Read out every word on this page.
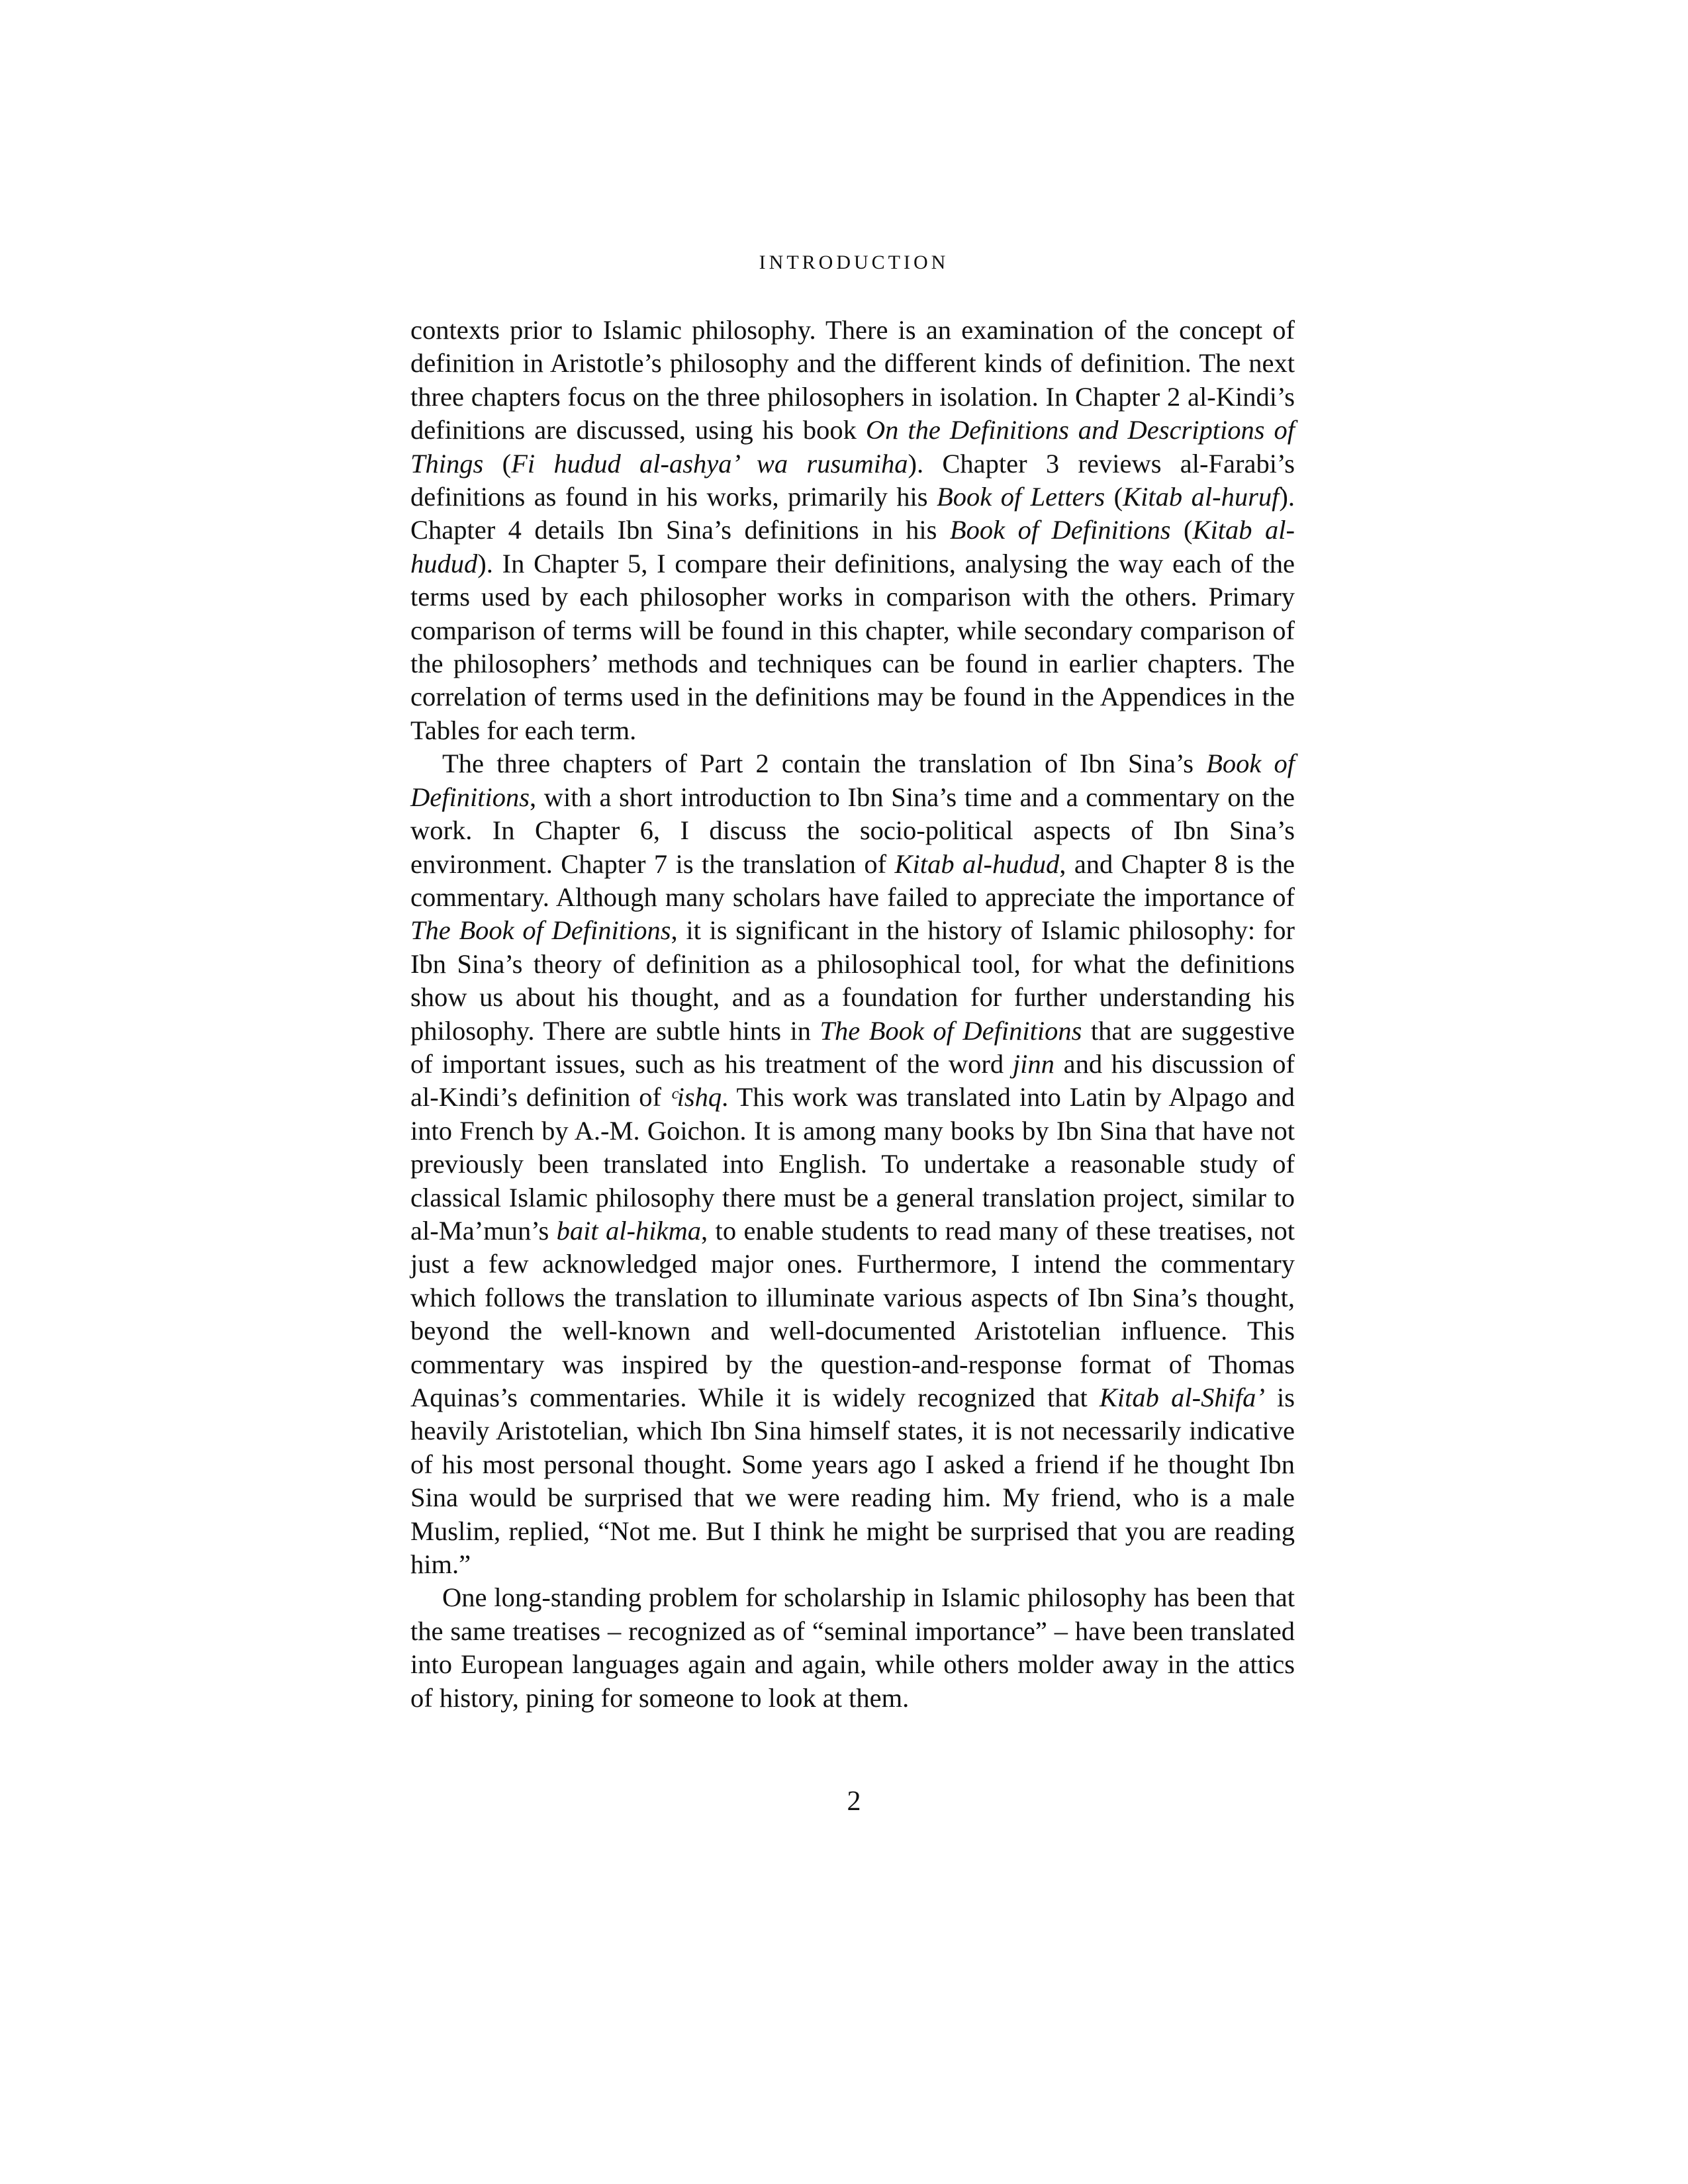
INTRODUCTION

contexts prior to Islamic philosophy. There is an examination of the concept of definition in Aristotle’s philosophy and the different kinds of definition. The next three chapters focus on the three philosophers in isolation. In Chapter 2 al-Kindi’s definitions are discussed, using his book On the Definitions and Descriptions of Things (Fi hudud al-ashya’ wa rusumiha). Chapter 3 reviews al-Farabi’s definitions as found in his works, primarily his Book of Letters (Kitab al-huruf). Chapter 4 details Ibn Sina’s definitions in his Book of Definitions (Kitab al-hudud). In Chapter 5, I compare their definitions, analysing the way each of the terms used by each philosopher works in comparison with the others. Primary comparison of terms will be found in this chapter, while secondary comparison of the philosophers’ methods and techniques can be found in earlier chapters. The correlation of terms used in the definitions may be found in the Appendices in the Tables for each term.

The three chapters of Part 2 contain the translation of Ibn Sina’s Book of Definitions, with a short introduction to Ibn Sina’s time and a commentary on the work. In Chapter 6, I discuss the socio-political aspects of Ibn Sina’s environment. Chapter 7 is the translation of Kitab al-hudud, and Chapter 8 is the commentary. Although many scholars have failed to appreciate the importance of The Book of Definitions, it is significant in the history of Islamic philosophy: for Ibn Sina’s theory of definition as a philosophical tool, for what the definitions show us about his thought, and as a foundation for further understanding his philosophy. There are subtle hints in The Book of Definitions that are suggestive of important issues, such as his treatment of the word jinn and his discussion of al-Kindi’s definition of ᶜishq. This work was translated into Latin by Alpago and into French by A.-M. Goichon. It is among many books by Ibn Sina that have not previously been translated into English. To undertake a reasonable study of classical Islamic philosophy there must be a general translation project, similar to al-Ma’mun’s bait al-hikma, to enable students to read many of these treatises, not just a few acknowledged major ones. Furthermore, I intend the commentary which follows the translation to illuminate various aspects of Ibn Sina’s thought, beyond the well-known and well-documented Aristotelian influence. This commentary was inspired by the question-and-response format of Thomas Aquinas’s commentaries. While it is widely recognized that Kitab al-Shifa’ is heavily Aristotelian, which Ibn Sina himself states, it is not necessarily indicative of his most personal thought. Some years ago I asked a friend if he thought Ibn Sina would be surprised that we were reading him. My friend, who is a male Muslim, replied, “Not me. But I think he might be surprised that you are reading him.”

One long-standing problem for scholarship in Islamic philosophy has been that the same treatises – recognized as of “seminal importance” – have been translated into European languages again and again, while others molder away in the attics of history, pining for someone to look at them.

2
